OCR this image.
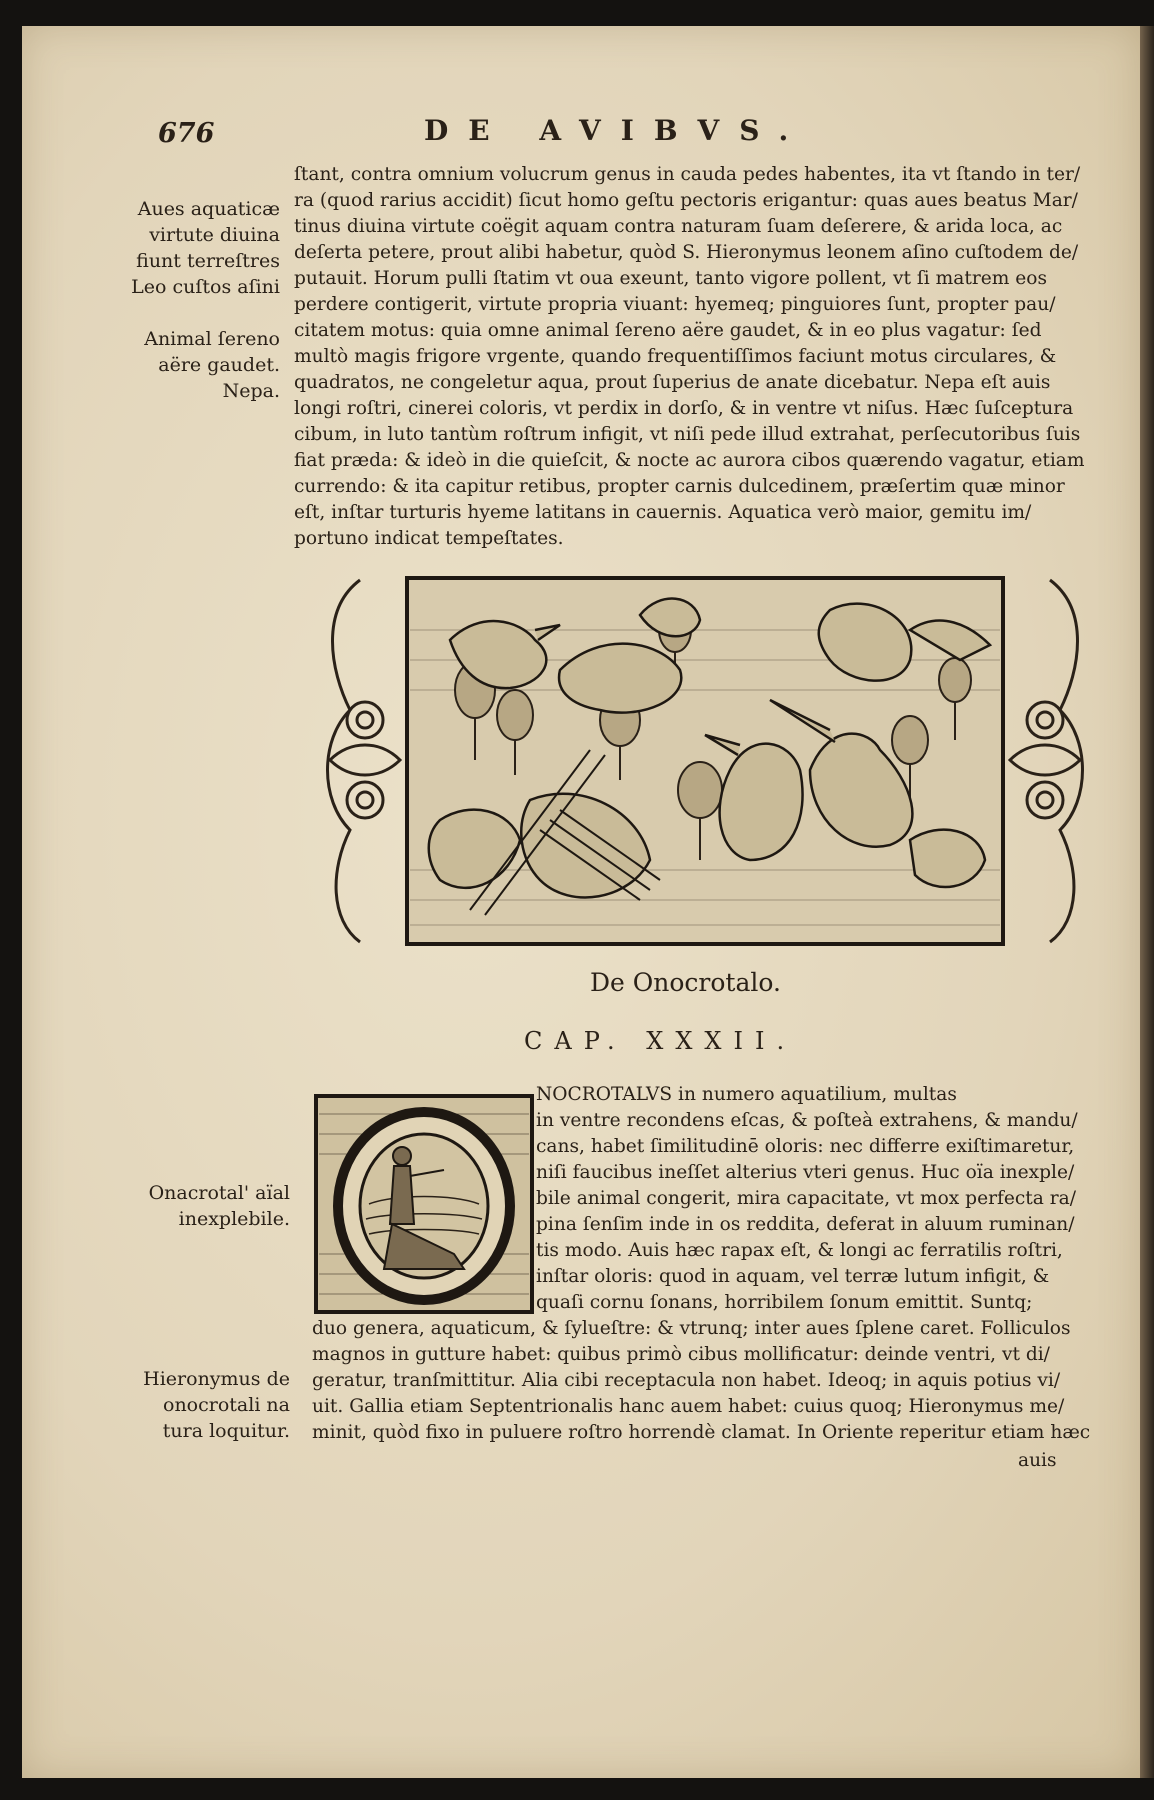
676	DE AVIBVS.
Aues aquaticæ
virtute diuina
fiunt terreſtres
Leo cuſtos aſini
Animal ſereno
aëre gaudet.
Nepa.
ſtant, contra omnium volucrum genus in cauda pedes habentes, ita vt ſtando in ter/
ra (quod rarius accidit) ſicut homo geſtu pectoris erigantur: quas aues beatus Mar/
tinus diuina virtute coëgit aquam contra naturam ſuam deſerere, & arida loca, ac
deſerta petere, prout alibi habetur, quòd S. Hieronymus leonem aſino cuſtodem de/
putauit. Horum pulli ſtatim vt oua exeunt, tanto vigore pollent, vt ſi matrem eos
perdere contigerit, virtute propria viuant: hyemeq; pinguiores ſunt, propter pau/
citatem motus: quia omne animal ſereno aëre gaudet, & in eo plus vagatur: ſed
multò magis frigore vrgente, quando frequentiſſimos faciunt motus circulares, &
quadratos, ne congeletur aqua, prout ſuperius de anate dicebatur. Nepa eſt auis
longi roſtri, cinerei coloris, vt perdix in dorſo, & in ventre vt niſus. Hæc ſuſceptura
cibum, in luto tantùm roſtrum infigit, vt niſi pede illud extrahat, perſecutoribus ſuis
fiat præda: & ideò in die quieſcit, & nocte ac aurora cibos quærendo vagatur, etiam
currendo: & ita capitur retibus, propter carnis dulcedinem, præſertim quæ minor
eſt, inſtar turturis hyeme latitans in cauernis. Aquatica verò maior, gemitu im/
portuno indicat tempeſtates.
De Onocrotalo.
CAP. XXXII.
NOCROTALVS in numero aquatilium, multas
in ventre recondens eſcas, & poſteà extrahens, & mandu/
cans, habet ſimilitudinē oloris: nec differre exiſtimaretur,
niſi faucibus ineſſet alterius vteri genus. Huc oïa inexple/
bile animal congerit, mira capacitate, vt mox perfecta ra/
pina ſenſim inde in os reddita, deferat in aluum ruminan/
tis modo. Auis hæc rapax eſt, & longi ac ferratilis roſtri,
inſtar oloris: quod in aquam, vel terræ lutum infigit, &
quaſi cornu ſonans, horribilem ſonum emittit. Suntq;
Onacrotal' aïal
inexplebile.
duo genera, aquaticum, & ſylueſtre: & vtrunq; inter aues ſplene caret. Folliculos
magnos in gutture habet: quibus primò cibus mollificatur: deinde ventri, vt di/
geratur, tranſmittitur. Alia cibi receptacula non habet. Ideoq; in aquis potius vi/
uit. Gallia etiam Septentrionalis hanc auem habet: cuius quoq; Hieronymus me/
minit, quòd fixo in puluere roſtro horrendè clamat. In Oriente reperitur etiam hæc
Hieronymus de
onocrotali na
tura loquitur.
auis
